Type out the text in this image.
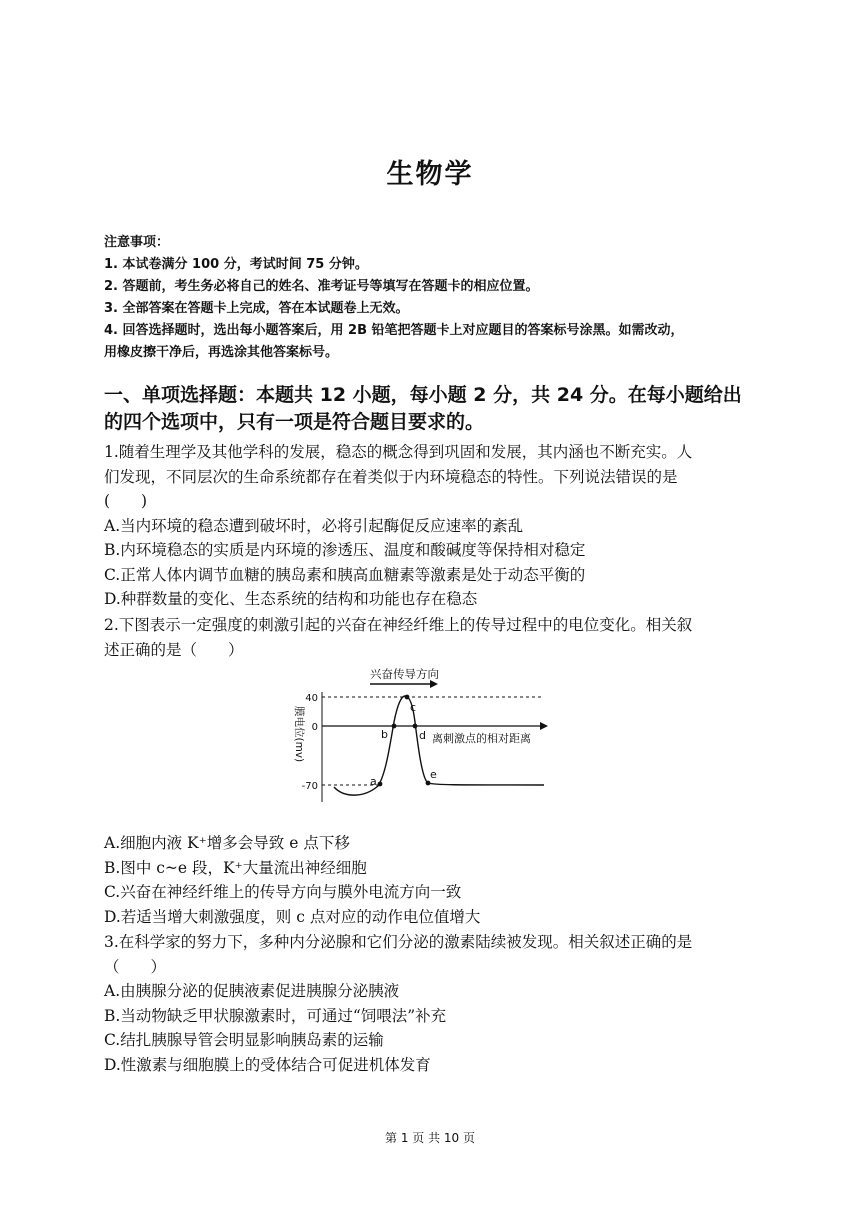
生物学
注意事项：
1. 本试卷满分 100 分，考试时间 75 分钟。
2. 答题前，考生务必将自己的姓名、准考证号等填写在答题卡的相应位置。
3. 全部答案在答题卡上完成，答在本试题卷上无效。
4. 回答选择题时，选出每小题答案后，用 2B 铅笔把答题卡上对应题目的答案标号涂黑。如需改动，
用橡皮擦干净后，再选涂其他答案标号。
一、单项选择题：本题共 12 小题，每小题 2 分，共 24 分。在每小题给出
的四个选项中，只有一项是符合题目要求的。
1.随着生理学及其他学科的发展，稳态的概念得到巩固和发展，其内涵也不断充实。人
们发现，不同层次的生命系统都存在着类似于内环境稳态的特性。下列说法错误的是
(　　)
A.当内环境的稳态遭到破坏时，必将引起酶促反应速率的紊乱
B.内环境稳态的实质是内环境的渗透压、温度和酸碱度等保持相对稳定
C.正常人体内调节血糖的胰岛素和胰高血糖素等激素是处于动态平衡的
D.种群数量的变化、生态系统的结构和功能也存在稳态
2.下图表示一定强度的刺激引起的兴奋在神经纤维上的传导过程中的电位变化。相关叙
述正确的是（　　）
兴奋传导方向
40
0
-70
膜电位(mv)	离刺激点的相对距离
a
b
c
d
e
A.细胞内液 K⁺增多会导致 e 点下移
B.图中 c~e 段，K⁺大量流出神经细胞
C.兴奋在神经纤维上的传导方向与膜外电流方向一致
D.若适当增大刺激强度，则 c 点对应的动作电位值增大
3.在科学家的努力下，多种内分泌腺和它们分泌的激素陆续被发现。相关叙述正确的是
（　　）
A.由胰腺分泌的促胰液素促进胰腺分泌胰液
B.当动物缺乏甲状腺激素时，可通过“饲喂法”补充
C.结扎胰腺导管会明显影响胰岛素的运输
D.性激素与细胞膜上的受体结合可促进机体发育
第 1 页 共 10 页
